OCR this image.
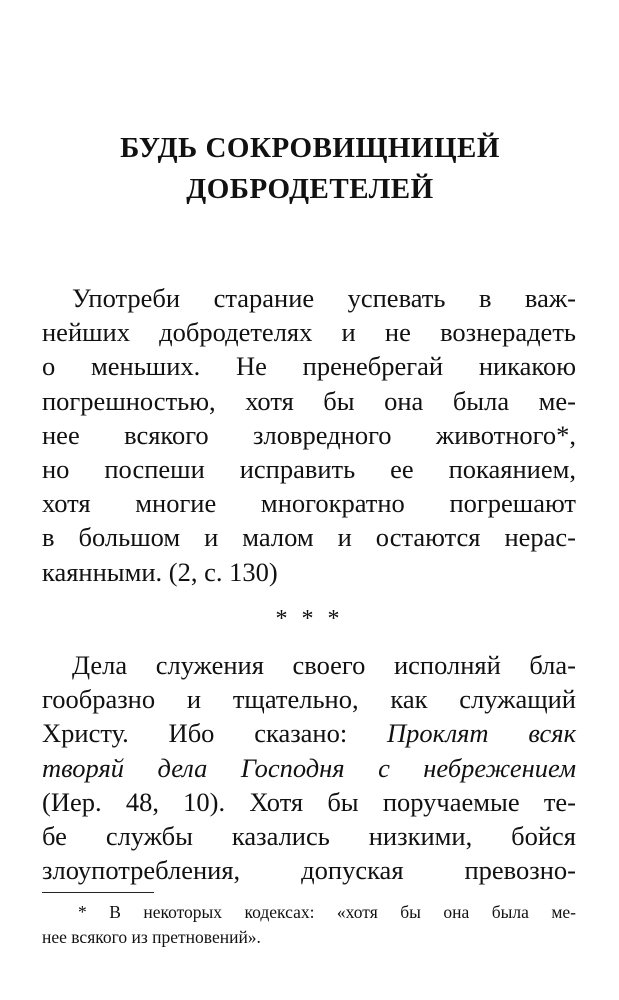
БУДЬ СОКРОВИЩНИЦЕЙ
ДОБРОДЕТЕЛЕЙ
Употреби старание успевать в важ-
нейших добродетелях и не вознерадеть
о меньших. Не пренебрегай никакою
погрешностью, хотя бы она была ме-
нее всякого зловредного животного*,
но поспеши исправить ее покаянием,
хотя многие многократно погрешают
в большом и малом и остаются нерас-
каянными. (2, с. 130)
* * *
Дела служения своего исполняй бла-
гообразно и тщательно, как служащий
Христу. Ибо сказано: Проклят всяк
творяй дела Господня с небрежением
(Иер. 48, 10). Хотя бы поручаемые те-
бе службы казались низкими, бойся
злоупотребления, допуская превозно-
* В некоторых кодексах: «хотя бы она была ме-
нее всякого из претновений».
